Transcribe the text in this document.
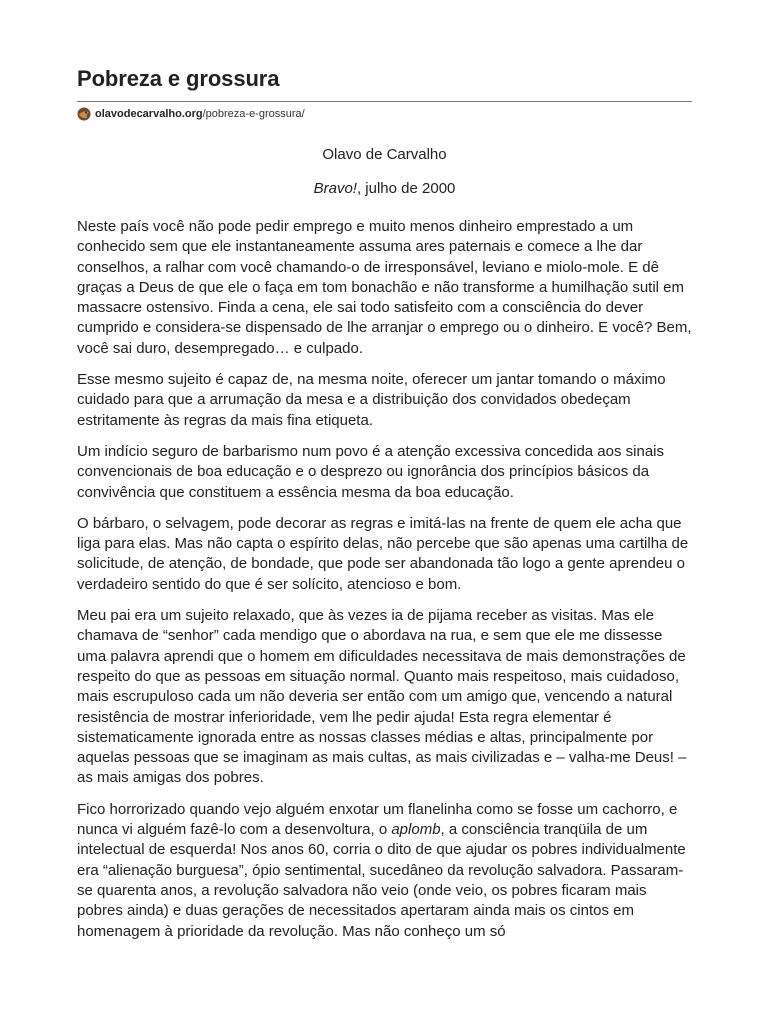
Pobreza e grossura
olavodecarvalho.org /pobreza-e-grossura/

Olavo de Carvalho

Bravo!, julho de 2000

Neste país você não pode pedir emprego e muito menos dinheiro emprestado a um conhecido sem que ele instantaneamente assuma ares paternais e comece a lhe dar conselhos, a ralhar com você chamando-o de irresponsável, leviano e miolo-mole. E dê graças a Deus de que ele o faça em tom bonachão e não transforme a humilhação sutil em massacre ostensivo. Finda a cena, ele sai todo satisfeito com a consciência do dever cumprido e considera-se dispensado de lhe arranjar o emprego ou o dinheiro. E você? Bem, você sai duro, desempregado… e culpado.

Esse mesmo sujeito é capaz de, na mesma noite, oferecer um jantar tomando o máximo cuidado para que a arrumação da mesa e a distribuição dos convidados obedeçam estritamente às regras da mais fina etiqueta.

Um indício seguro de barbarismo num povo é a atenção excessiva concedida aos sinais convencionais de boa educação e o desprezo ou ignorância dos princípios básicos da convivência que constituem a essência mesma da boa educação.

O bárbaro, o selvagem, pode decorar as regras e imitá-las na frente de quem ele acha que liga para elas. Mas não capta o espírito delas, não percebe que são apenas uma cartilha de solicitude, de atenção, de bondade, que pode ser abandonada tão logo a gente aprendeu o verdadeiro sentido do que é ser solícito, atencioso e bom.

Meu pai era um sujeito relaxado, que às vezes ia de pijama receber as visitas. Mas ele chamava de “senhor” cada mendigo que o abordava na rua, e sem que ele me dissesse uma palavra aprendi que o homem em dificuldades necessitava de mais demonstrações de respeito do que as pessoas em situação normal. Quanto mais respeitoso, mais cuidadoso, mais escrupuloso cada um não deveria ser então com um amigo que, vencendo a natural resistência de mostrar inferioridade, vem lhe pedir ajuda! Esta regra elementar é sistematicamente ignorada entre as nossas classes médias e altas, principalmente por aquelas pessoas que se imaginam as mais cultas, as mais civilizadas e – valha-me Deus! – as mais amigas dos pobres.

Fico horrorizado quando vejo alguém enxotar um flanelinha como se fosse um cachorro, e nunca vi alguém fazê-lo com a desenvoltura, o aplomb, a consciência tranqüila de um intelectual de esquerda! Nos anos 60, corria o dito de que ajudar os pobres individualmente era “alienação burguesa”, ópio sentimental, sucedâneo da revolução salvadora. Passaram-se quarenta anos, a revolução salvadora não veio (onde veio, os pobres ficaram mais pobres ainda) e duas gerações de necessitados apertaram ainda mais os cintos em homenagem à prioridade da revolução. Mas não conheço um só
